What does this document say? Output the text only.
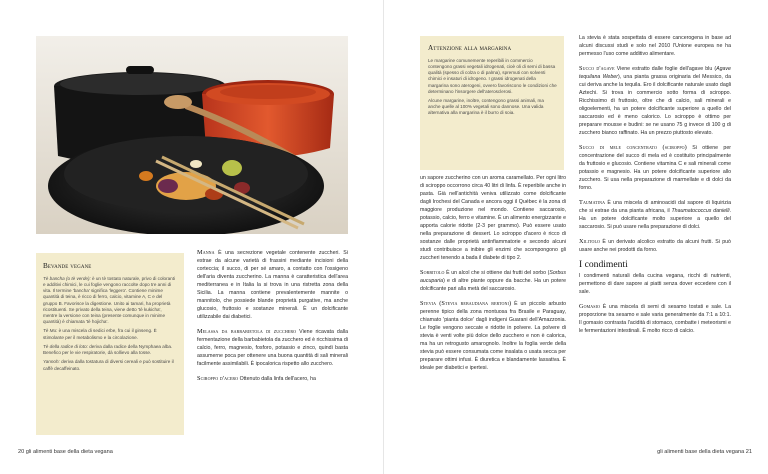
Bevande vegane

Tè bancha (o tè verde): è un tè tostato naturale, privo di coloranti e additivi chimici, le cui foglie vengono raccolte dopo tre anni di vita. Il termine 'bancha' significa 'leggero'. Contiene minime quantità di teina, è ricco di ferro, calcio, vitamine A, C e del gruppo B. Favorisce la digestione. Unito ai tamari, ha proprietà ricostituenti. Se privato della teina, viene detto 'tè kukicha', mentre la versione con teina (presente comunque in minime quantità) è chiamata 'tè hojicha'.

Tè Mu: è una miscela di sedici erbe, fra cui il ginseng. È stimolante per il metabolismo e la circolazione.

Tè della radice di loto: deriva dalla radice della Nymphaea alba. Benefico per le vie respiratorie, dà sollievo alla tosse.

Yannoh: deriva dalla tostatura di diversi cereali e può sostituire il caffè decaffeinato.

Manna È una secrezione vegetale contenente zuccheri. Si estrae da alcune varietà di frassini mediante incisioni della corteccia; il succo, di per sé amaro, a contatto con l'ossigeno dell'aria diventa zuccherino. La manna è caratteristica dell'area mediterranea e in Italia la si trova in una ristretta zona della Sicilia. La manna contiene prevalentemente mannite o mannitolo, che possiede blande proprietà purgative, ma anche glucosio, fruttosio e sostanze minerali. È un dolcificante utilizzabile dai diabetici.

Melassa da barbabietola di zucchero Viene ricavata dalla fermentazione della barbabietola da zucchero ed è ricchissima di calcio, ferro, magnesio, fosforo, potassio e zinco, quindi basta assumerne poca per ottenere una buona quantità di sali minerali facilmente assimilabili. È ipocalorica rispetto allo zucchero.

Sciroppo d'acero Ottenuto dalla linfa dell'acero, ha

20 gli alimenti base della dieta vegana
Attenzione alla margarina

Le margarine comunemente reperibili in commercio contengono grassi vegetali idrogenati, cioè oli di semi di bassa qualità (spesso di colza o di palma), spremuti con solventi chimici e insaturi di idrogeno. I grassi idrogenati della margarina sono aterogeni, ovvero favoriscono le condizioni che determinano l'insorgere dell'aterosclerosi.

Alcune margarine, inoltre, contengono grassi animali, ma anche quelle al 100% vegetali sono dannose. Una valida alternativa alla margarina è il burro di soia.

un sapore zuccherino con un aroma caramellato. Per ogni litro di sciroppo occorrono circa 40 litri di linfa. È reperibile anche in pasta. Già nell'antichità veniva utilizzato come dolcificante dagli Irochesi del Canada e ancora oggi il Québec è la zona di maggiore produzione nel mondo. Contiene saccarosio, potassio, calcio, ferro e vitamine. È un alimento energizzante e apporta calorie ridotte (2-3 per grammo). Può essere usato nella preparazione di dessert. Lo sciroppo d'acero è ricco di sostanze dalle proprietà antinfiammatorie e secondo alcuni studi contribuisce a inibire gli enzimi che scompongono gli zuccheri tenendo a bada il diabete di tipo 2.

Sorbitolo È un alcol che si ottiene dai frutti del sorbo (Sorbus aucuparia) e di altre piante oppure da bacche. Ha un potere dolcificante pari alla metà del saccarosio.

Stevia (Stevia rebaudiana bertoni) È un piccolo arbusto perenne tipico della zona montuosa fra Brasile e Paraguay, chiamato 'pianta dolce' dagli indigeni Guarani dell'Amazzonia. Le foglie vengono seccate e ridotte in polvere. La polvere di stevia è venti volte più dolce dello zucchero e non è calorica, ma ha un retrogusto amarognolo. Inoltre la foglia verde della stevia può essere consumata come insalata o usata secca per preparare ottimi infusi. È diuretica e blandamente lassativa. È ideale per diabetici e ipertesi.

La stevia è stata sospettata di essere cancerogena in base ad alcuni discussi studi e solo nel 2010 l'Unione europea ne ha permesso l'uso come additivo alimentare.

Succo d'agave Viene estratto dalle foglie dell'agave blu (Agave tequilana Weber), una pianta grassa originaria del Messico, da cui deriva anche la tequila. Ero il dolcificante naturale usato dagli Aztechi. Si trova in commercio sotto forma di sciroppo. Ricchissimo di fruttosio, oltre che di calcio, sali minerali e oligoelementi, ha un potere dolcificante superiore a quello del saccarosio ed è meno calorico. Lo sciroppo è ottimo per preparare mousse e budini: se ne usano 75 g invece di 100 g di zucchero bianco raffinato. Ha un prezzo piuttosto elevato.

Succo di mele concentrato (sciroppo) Si ottiene per concentrazione del succo di mela ed è costituito principalmente da fruttosio e glucosio. Contiene vitamina C e sali minerali come potassio e magnesio. Ha un potere dolcificante superiore allo zucchero. Si usa nella preparazione di marmellate e di dolci da forno.

Taumatina È una miscela di aminoacidi dal sapore di liquirizia che si estrae da una pianta africana, il Thaumatococcus danielli. Ha un potere dolcificante molto superiore a quello del saccarosio. Si può usare nella preparazione di dolci.

Xilitolo È un derivato alcolico estratto da alcuni frutti. Si può usare anche nei prodotti da forno.

I condimenti

I condimenti naturali della cucina vegana, ricchi di nutrienti, permettono di dare sapore ai piatti senza dover eccedere con il sale.

Gomasio È una miscela di semi di sesamo tostati e sale. La proporzione tra sesamo e sale varia generalmente da 7:1 a 10:1. Il gomasio contrasta l'acidità di stomaco, combatte i meteorismi e le fermentazioni intestinali. È molto ricco di calcio.

gli alimenti base della dieta vegana 21
